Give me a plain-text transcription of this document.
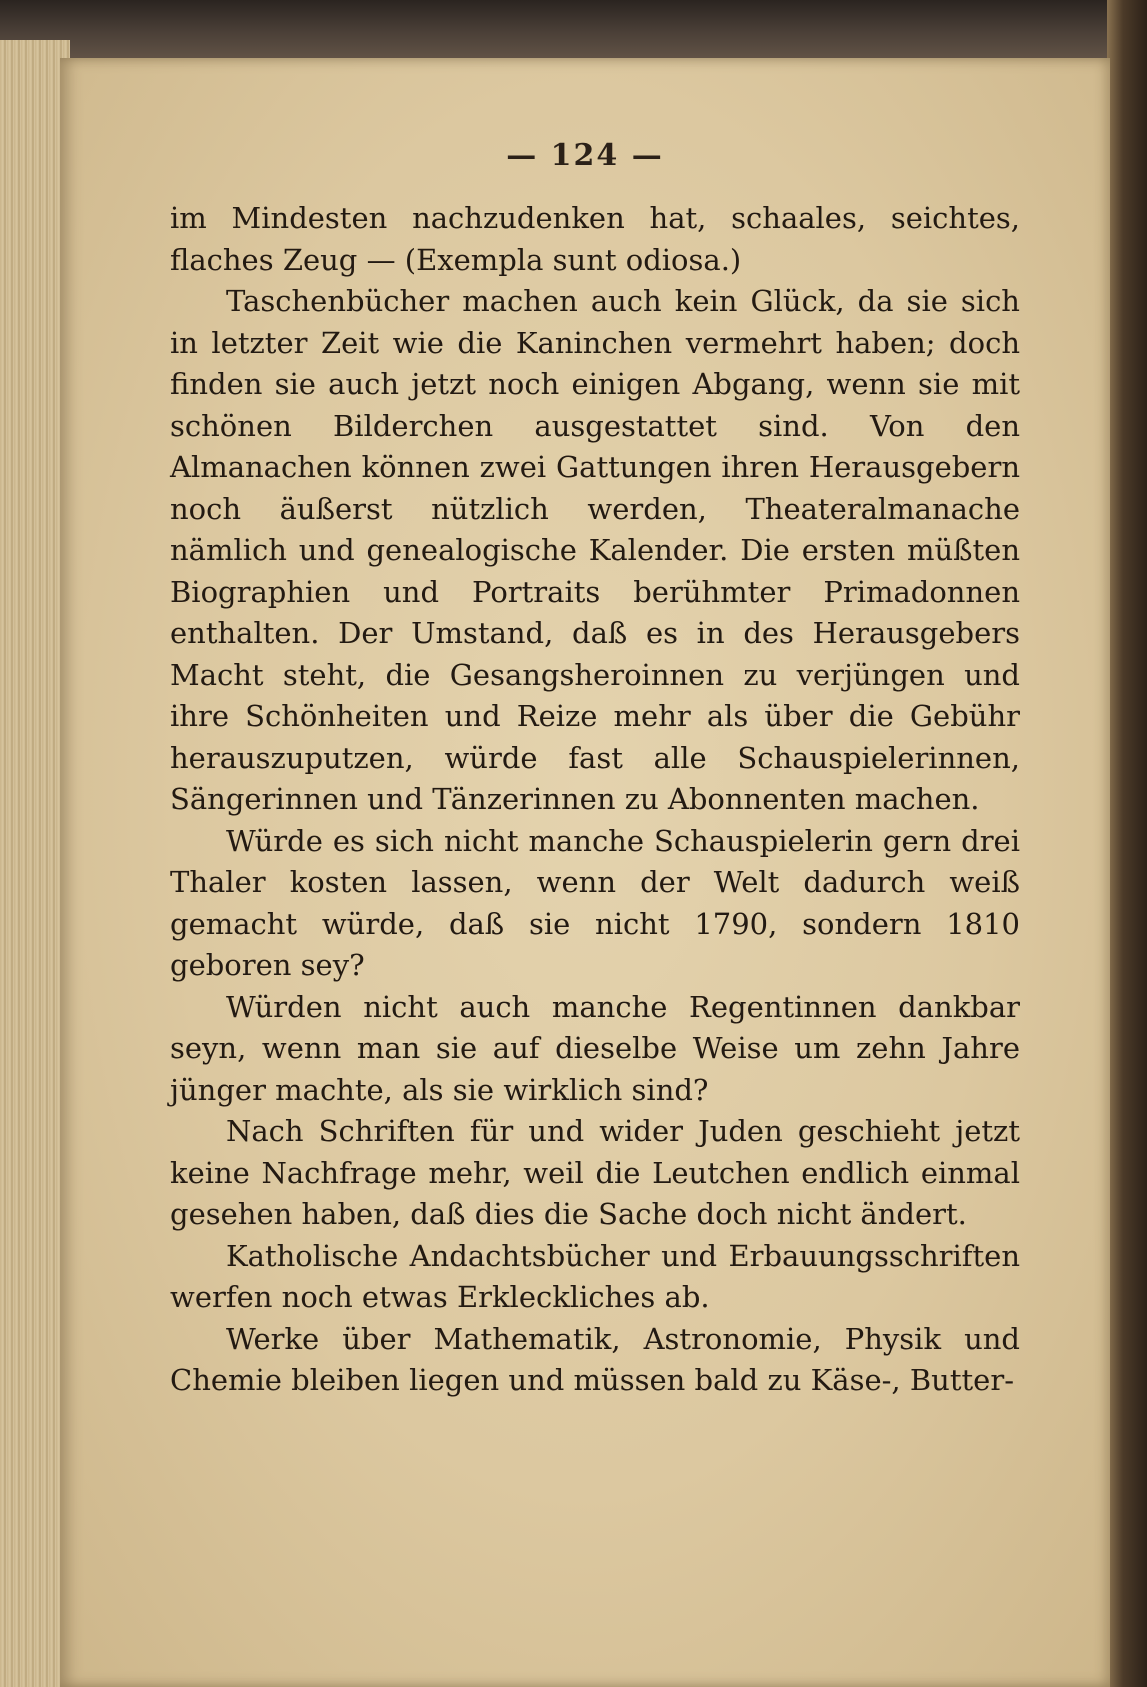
— 124 —

im Mindesten nachzudenken hat, schaales, seichtes, flaches Zeug — (Exempla sunt odiosa.)

Taschenbücher machen auch kein Glück, da sie sich in letzter Zeit wie die Kaninchen vermehrt haben; doch finden sie auch jetzt noch einigen Abgang, wenn sie mit schönen Bilderchen ausgestattet sind. Von den Almanachen können zwei Gattungen ihren Herausgebern noch äußerst nützlich werden, Theateralmanache nämlich und genealogische Kalender. Die ersten müßten Biographien und Portraits berühmter Primadonnen enthalten. Der Umstand, daß es in des Herausgebers Macht steht, die Gesangsheroinnen zu verjüngen und ihre Schönheiten und Reize mehr als über die Gebühr herauszuputzen, würde fast alle Schauspielerinnen, Sängerinnen und Tänzerinnen zu Abonnenten machen.

Würde es sich nicht manche Schauspielerin gern drei Thaler kosten lassen, wenn der Welt dadurch weiß gemacht würde, daß sie nicht 1790, sondern 1810 geboren sey?

Würden nicht auch manche Regentinnen dankbar seyn, wenn man sie auf dieselbe Weise um zehn Jahre jünger machte, als sie wirklich sind?

Nach Schriften für und wider Juden geschieht jetzt keine Nachfrage mehr, weil die Leutchen endlich einmal gesehen haben, daß dies die Sache doch nicht ändert.

Katholische Andachtsbücher und Erbauungsschriften werfen noch etwas Erkleckliches ab.

Werke über Mathematik, Astronomie, Physik und Chemie bleiben liegen und müssen bald zu Käse-, Butter-
